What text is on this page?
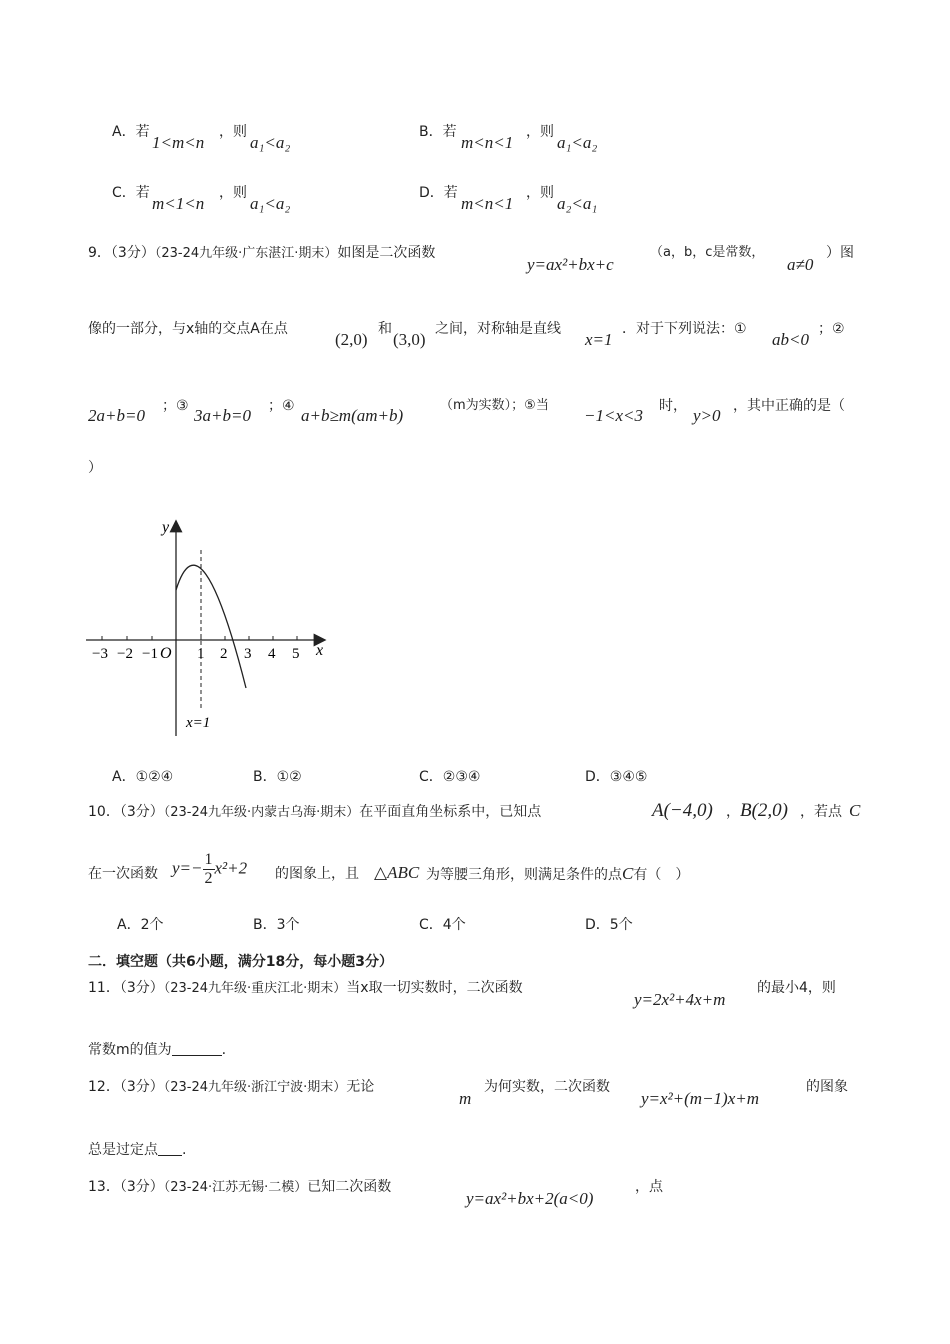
A．若
1<m<n
，则
a₁<a₂
B．若
m<n<1
，则
a₁<a₂
C．若
m<1<n
，则
a₁<a₂
D．若
m<n<1
，则
a₂<a₁
9．（3分）（23-24九年级·广东湛江·期末）如图是二次函数
y=ax²+bx+c
（a，b，c是常数，
a≠0
）图
像的一部分，与x轴的交点A在点
(2,0)
和
(3,0)
之间，对称轴是直线
x=1
．对于下列说法：①
ab<0
；②
2a+b=0 ；③ 3a+b=0 ；④ a+b≥m(am+b)
（m为实数）；⑤当
−1<x<3 时， y>0 ，其中正确的是（
）
y
x
O
−3 −2 −1	1 2 3 4 5
x=1
A．①②④	B．①②	C．②③④	D．③④⑤
10．（3分）（23-24九年级·内蒙古乌海·期末）在平面直角坐标系中，已知点	A(−4,0) ， B(2,0) ，若点 C
在一次函数 $y=- \frac{1}{2} x^2+2$ 的图象上，且 △ABC 为等腰三角形，则满足条件的点C有（　）
A．2个	B．3个	C．4个	D．5个
二．填空题（共6小题，满分18分，每小题3分）
11．（3分）（23-24九年级·重庆江北·期末）当x取一切实数时，二次函数
y=2x²+4x+m
的最小4，则
常数m的值为	.
12．（3分）（23-24九年级·浙江宁波·期末）无论
m
为何实数，二次函数
y=x²+(m−1)x+m
的图象
总是过定点 .
13．（3分）（23-24·江苏无锡·二模）已知二次函数
y=ax²+bx+2(a<0)
，点
